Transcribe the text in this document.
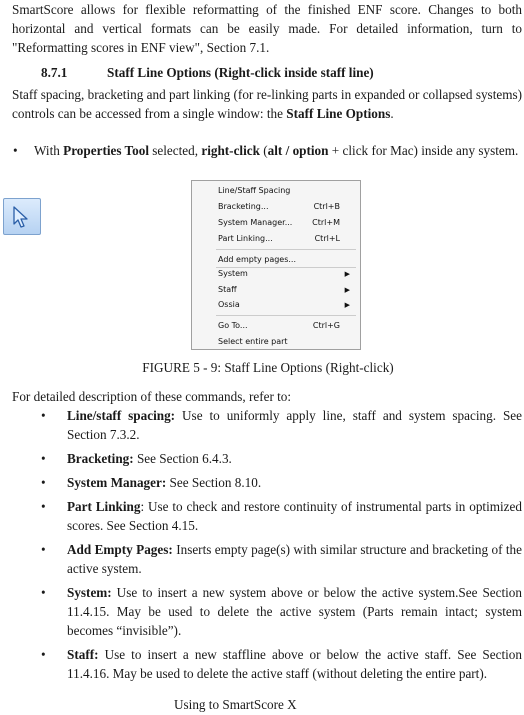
SmartScore allows for flexible reformatting of the finished ENF score. Changes to both horizontal and vertical formats can be easily made. For detailed information, turn to "Reformatting scores in ENF view", Section 7.1.

8.7.1	Staff Line Options (Right-click inside staff line)

Staff spacing, bracketing and part linking (for re-linking parts in expanded or collapsed systems) controls can be accessed from a single window: the Staff Line Options.

• With Properties Tool selected, right-click (alt / option + click for Mac) inside any system.
Line/Staff Spacing
Bracketing...	Ctrl+B
System Manager... Ctrl+M
Part Linking...	Ctrl+L
Add empty pages...
System	▶
Staff	▶
Ossia	▶
Go To...	Ctrl+G
Select entire part
FIGURE 5 - 9: Staff Line Options (Right-click)

For detailed description of these commands, refer to:

• Line/staff spacing: Use to uniformly apply line, staff and system spacing. See Section 7.3.2.
• Bracketing: See Section 6.4.3.
• System Manager: See Section 8.10.
• Part Linking: Use to check and restore continuity of instrumental parts in optimized scores. See Section 4.15.
• Add Empty Pages: Inserts empty page(s) with similar structure and bracketing of the active system.
• System: Use to insert a new system above or below the active system.See Section 11.4.15. May be used to delete the active system (Parts remain intact; system becomes “invisible”).
• Staff: Use to insert a new staffline above or below the active staff. See Section 11.4.16. May be used to delete the active staff (without deleting the entire part).
Using to SmartScore X
